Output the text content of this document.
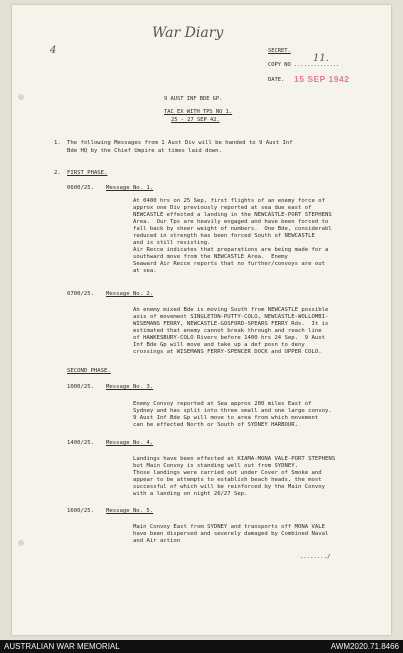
War Diary
11.
4	SECRET.
COPY NO ..............
DATE. 15 SEP 1942
9 AUST INF BDE GP.
TAC EX WITH TPS NO 1.
25 - 27 SEP 42.
1. The following Messages from 1 Aust Div will be handed to 9 Aust Inf
Bde HQ by the Chief Umpire at times laid down.
2. FIRST PHASE.
0600/25. Message No. 1.
At 0400 hrs on 25 Sep, first flights of an enemy force of
approx one Div previously reported at sea due east of
NEWCASTLE effected a landing in the NEWCASTLE-PORT STEPHENS
Area.  Our Tps are heavily engaged and have been forced to
fall back by sheer weight of numbers.  One Bde, considerabl
reduced in strength has been forced South of NEWCASTLE
and is still resisting.
Air Recce indicates that preparations are being made for a
southward move from the NEWCASTLE Area.  Enemy
Seaward Air Recce reports that no further/convoys are out
at sea.
0700/25. Message No. 2.
An enemy mixed Bde is moving South from NEWCASTLE possible
axis of movement SINGLETON-PUTTY-COLO, NEWCASTLE-WOLLOMBI-
WISEMANS FERRY, NEWCASTLE-GOSFORD-SPEARS FERRY Rds.  It is
estimated that enemy cannot break through and reach line
of HAWKESBURY-COLO Rivers before 1400 hrs 24 Sep.  9 Aust
Inf Bde Gp will move and take up a def posn to deny
crossings at WISEMANS FERRY-SPENCER DOCK and UPPER COLO.
SECOND PHASE.
1000/25. Message No. 3.
Enemy Convoy reported at Sea approx 200 miles East of
Sydney and has split into three small and one large convoy.
9 Aust Inf Bde Gp will move to area from which movement
can be effected North or South of SYDNEY HARBOUR.
1400/25. Message No. 4.
Landings have been effected at KIAMA-MONA VALE-PORT STEPHENS
but Main Convoy is standing well out from SYDNEY.
Those landings were carried out under Cover of Smoke and
appear to be attempts to establish beach heads, the most
successful of which will be reinforced by the Main Convoy
with a landing on night 26/27 Sep.
1600/25. Message No. 5.
Main Convoy East from SYDNEY and transports off MONA VALE
have been dispersed and severely damaged by Combined Naval
and Air action
......../
AUSTRALIAN WAR MEMORIAL	AWM2020.71.8466
